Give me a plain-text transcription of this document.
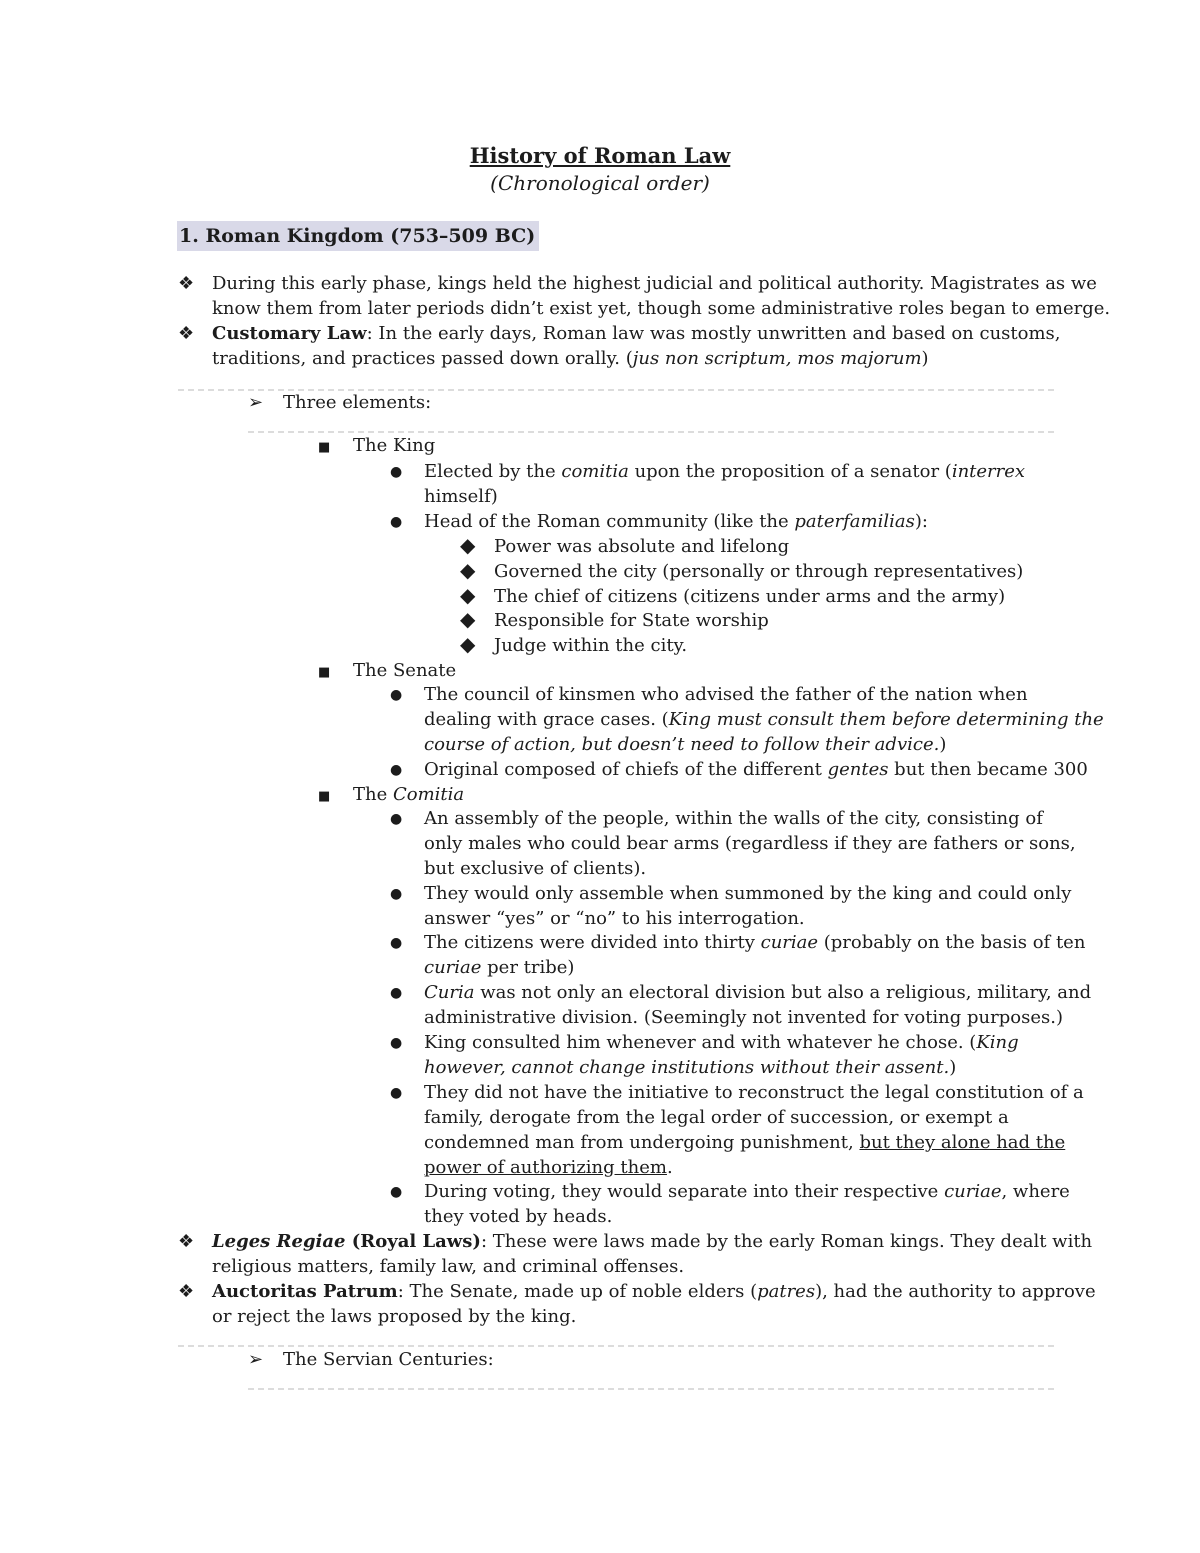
History of Roman Law
(Chronological order)
1. Roman Kingdom (753–509 BC)
❖ During this early phase, kings held the highest judicial and political authority. Magistrates as we
know them from later periods didn’t exist yet, though some administrative roles began to emerge.
❖ Customary Law: In the early days, Roman law was mostly unwritten and based on customs,
traditions, and practices passed down orally. (jus non scriptum, mos majorum)
➢ Three elements:
■ The King
● Elected by the comitia upon the proposition of a senator (interrex
himself)
● Head of the Roman community (like the paterfamilias):
◆ Power was absolute and lifelong
◆ Governed the city (personally or through representatives)
◆ The chief of citizens (citizens under arms and the army)
◆ Responsible for State worship
◆ Judge within the city.
■ The Senate
● The council of kinsmen who advised the father of the nation when
dealing with grace cases. (King must consult them before determining the
course of action, but doesn’t need to follow their advice.)
● Original composed of chiefs of the different gentes but then became 300
■ The Comitia
● An assembly of the people, within the walls of the city, consisting of
only males who could bear arms (regardless if they are fathers or sons,
but exclusive of clients).
● They would only assemble when summoned by the king and could only
answer “yes” or “no” to his interrogation.
● The citizens were divided into thirty curiae (probably on the basis of ten
curiae per tribe)
● Curia was not only an electoral division but also a religious, military, and
administrative division. (Seemingly not invented for voting purposes.)
● King consulted him whenever and with whatever he chose. (King
however, cannot change institutions without their assent.)
● They did not have the initiative to reconstruct the legal constitution of a
family, derogate from the legal order of succession, or exempt a
condemned man from undergoing punishment, but they alone had the
power of authorizing them.
● During voting, they would separate into their respective curiae, where
they voted by heads.
❖ Leges Regiae (Royal Laws): These were laws made by the early Roman kings. They dealt with
religious matters, family law, and criminal offenses.
❖ Auctoritas Patrum: The Senate, made up of noble elders (patres), had the authority to approve
or reject the laws proposed by the king.
➢ The Servian Centuries:
